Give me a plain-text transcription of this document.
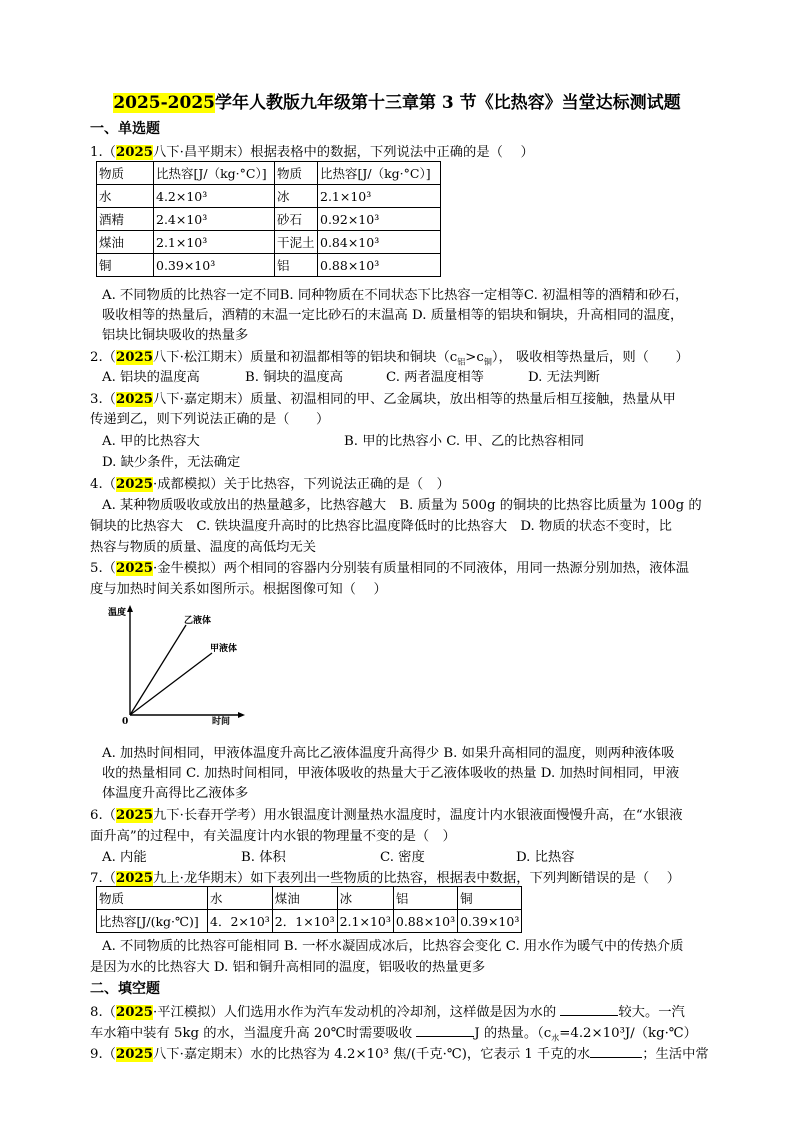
2025-2025学年人教版九年级第十三章第 3 节《比热容》当堂达标测试题
一、单选题
1.（2025八下·昌平期末）根据表格中的数据，下列说法中正确的是（　 ）
物质	比热容[J/（kg·°C）]	物质	比热容[J/（kg·°C）]
水	4.2×10³	冰	2.1×10³
酒精	2.4×10³	砂石	0.92×10³
煤油	2.1×10³	干泥土	0.84×10³
铜	0.39×10³	铝	0.88×10³
A. 不同物质的比热容一定不同B. 同种物质在不同状态下比热容一定相等C. 初温相等的酒精和砂石，
吸收相等的热量后，酒精的末温一定比砂石的末温高 D. 质量相等的铝块和铜块，升高相同的温度，
铝块比铜块吸收的热量多
2.（2025八下·松江期末）质量和初温都相等的铝块和铜块$(c_铝>c_铜)$， 吸收相等热量后，则（　　）
A. 铝块的温度高	B. 铜块的温度高	C. 两者温度相等	D. 无法判断
3.（2025八下·嘉定期末）质量、初温相同的甲、乙金属块，放出相等的热量后相互接触，热量从甲
传递到乙，则下列说法正确的是（　　）
A. 甲的比热容大	B. 甲的比热容小 C. 甲、乙的比热容相同
D. 缺少条件，无法确定
4.（2025·成都模拟）关于比热容，下列说法正确的是（　）
A. 某种物质吸收或放出的热量越多，比热容越大　B. 质量为 500g 的铜块的比热容比质量为 100g 的
铜块的比热容大　C. 铁块温度升高时的比热容比温度降低时的比热容大　D. 物质的状态不变时，比
热容与物质的质量、温度的高低均无关
5.（2025·金牛模拟）两个相同的容器内分别装有质量相同的不同液体，用同一热源分别加热，液体温
度与加热时间关系如图所示。根据图像可知（　 ）
温度
时间
0
乙液体
甲液体
A. 加热时间相同，甲液体温度升高比乙液体温度升高得少 B. 如果升高相同的温度，则两种液体吸
收的热量相同 C. 加热时间相同，甲液体吸收的热量大于乙液体吸收的热量 D. 加热时间相同，甲液
体温度升高得比乙液体多
6.（2025九下·长春开学考）用水银温度计测量热水温度时，温度计内水银液面慢慢升高，在“水银液
面升高”的过程中，有关温度计内水银的物理量不变的是（　）
A. 内能	B. 体积	C. 密度	D. 比热容
7.（2025九上·龙华期末）如下表列出一些物质的比热容，根据表中数据，下列判断错误的是（　 ）
物质	水	煤油	冰	铝	铜
比热容[J/(kg·℃)]	4．2×10³	2．1×10³	2.1×10³	0.88×10³	0.39×10³
A. 不同物质的比热容可能相同 B. 一杯水凝固成冰后，比热容会变化 C. 用水作为暖气中的传热介质
是因为水的比热容大 D. 铝和铜升高相同的温度，铝吸收的热量更多
二、填空题
8.（2025·平江模拟）人们选用水作为汽车发动机的冷却剂，这样做是因为水的	较大。一汽
车水箱中装有 5kg 的水，当温度升高 20℃时需要吸收	J 的热量。（$c_水=4.2\times 10^3J/(kg\cdot℃)$
9.（2025八下·嘉定期末）水的比热容为 4.2×10³ 焦/(千克·℃)，它表示 1 千克的水	；生活中常
